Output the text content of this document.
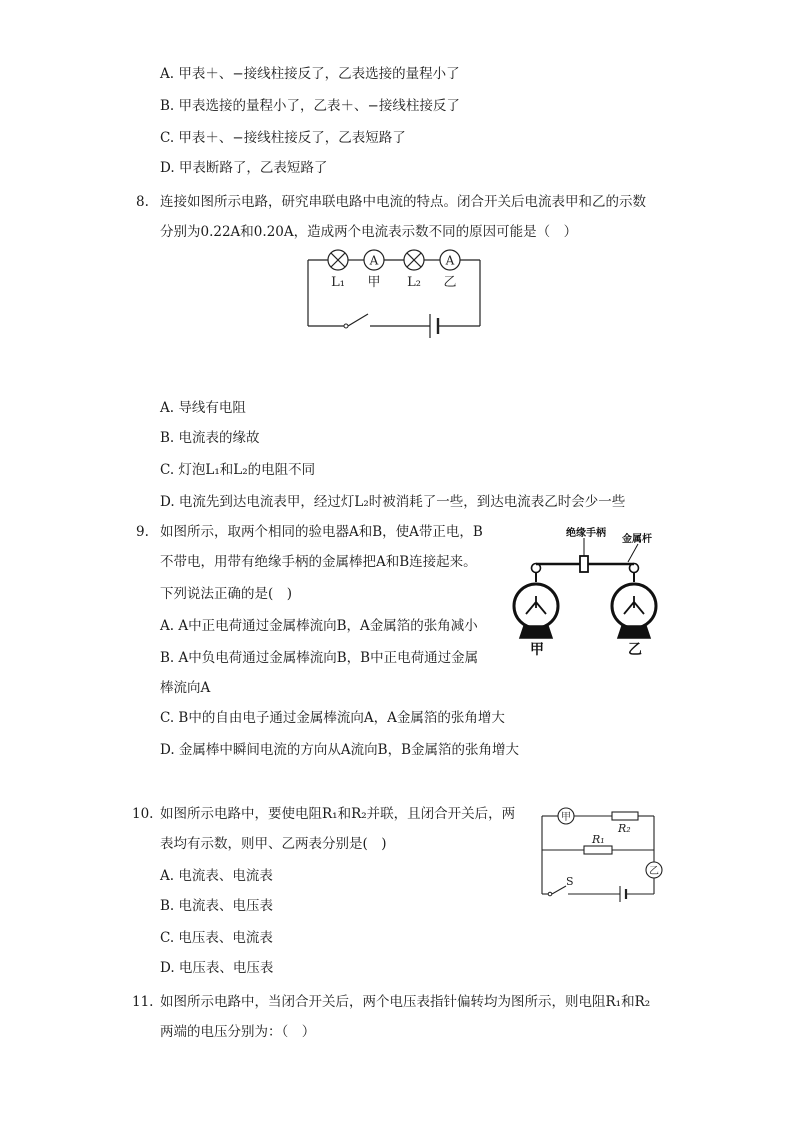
A. 甲表＋、−接线柱接反了，乙表选接的量程小了
B. 甲表选接的量程小了，乙表＋、−接线柱接反了
C. 甲表＋、−接线柱接反了，乙表短路了
D. 甲表断路了，乙表短路了
8. 连接如图所示电路，研究串联电路中电流的特点。闭合开关后电流表甲和乙的示数
分别为0.22A和0.20A，造成两个电流表示数不同的原因可能是（　）
A	A
L₁ 甲 L₂ 乙
A. 导线有电阻
B. 电流表的缘故
C. 灯泡L₁和L₂的电阻不同
D. 电流先到达电流表甲，经过灯L₂时被消耗了一些，到达电流表乙时会少一些
9. 如图所示，取两个相同的验电器A和B，使A带正电，B
不带电，用带有绝缘手柄的金属棒把A和B连接起来。
下列说法正确的是(　)
A. A中正电荷通过金属棒流向B，A金属箔的张角减小
B. A中负电荷通过金属棒流向B，B中正电荷通过金属
棒流向A
C. B中的自由电子通过金属棒流向A，A金属箔的张角增大
D. 金属棒中瞬间电流的方向从A流向B，B金属箔的张角增大
绝缘手柄
金属杆
甲	乙
10. 如图所示电路中，要使电阻R₁和R₂并联，且闭合开关后，两
表均有示数，则甲、乙两表分别是(　)
A. 电流表、电流表
B. 电流表、电压表
C. 电压表、电流表
D. 电压表、电压表
甲
乙
R₂
R₁
S
11. 如图所示电路中，当闭合开关后，两个电压表指针偏转均为图所示，则电阻R₁和R₂
两端的电压分别为：（　）
